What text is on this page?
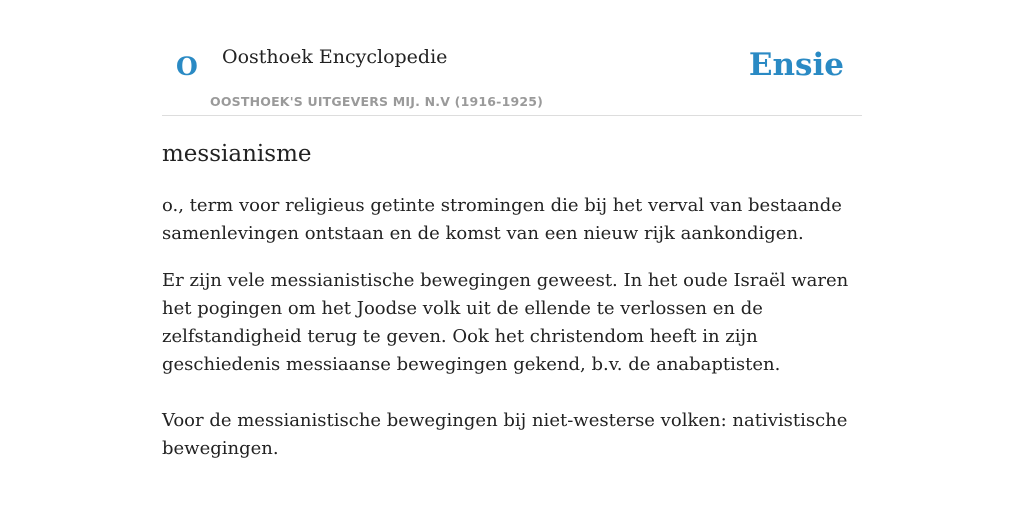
O Oosthoek Encyclopedie
OOSTHOEK'S UITGEVERS MIJ. N.V (1916-1925)
Ensie
messianisme

o., term voor religieus getinte stromingen die bij het verval van bestaande samenlevingen ontstaan en de komst van een nieuw rijk aankondigen.

Er zijn vele messianistische bewegingen geweest. In het oude Israël waren het pogingen om het Joodse volk uit de ellende te verlossen en de zelfstandigheid terug te geven. Ook het christendom heeft in zijn geschiedenis messiaanse bewegingen gekend, b.v. de anabaptisten.

Voor de messianistische bewegingen bij niet-westerse volken: nativistische bewegingen.
